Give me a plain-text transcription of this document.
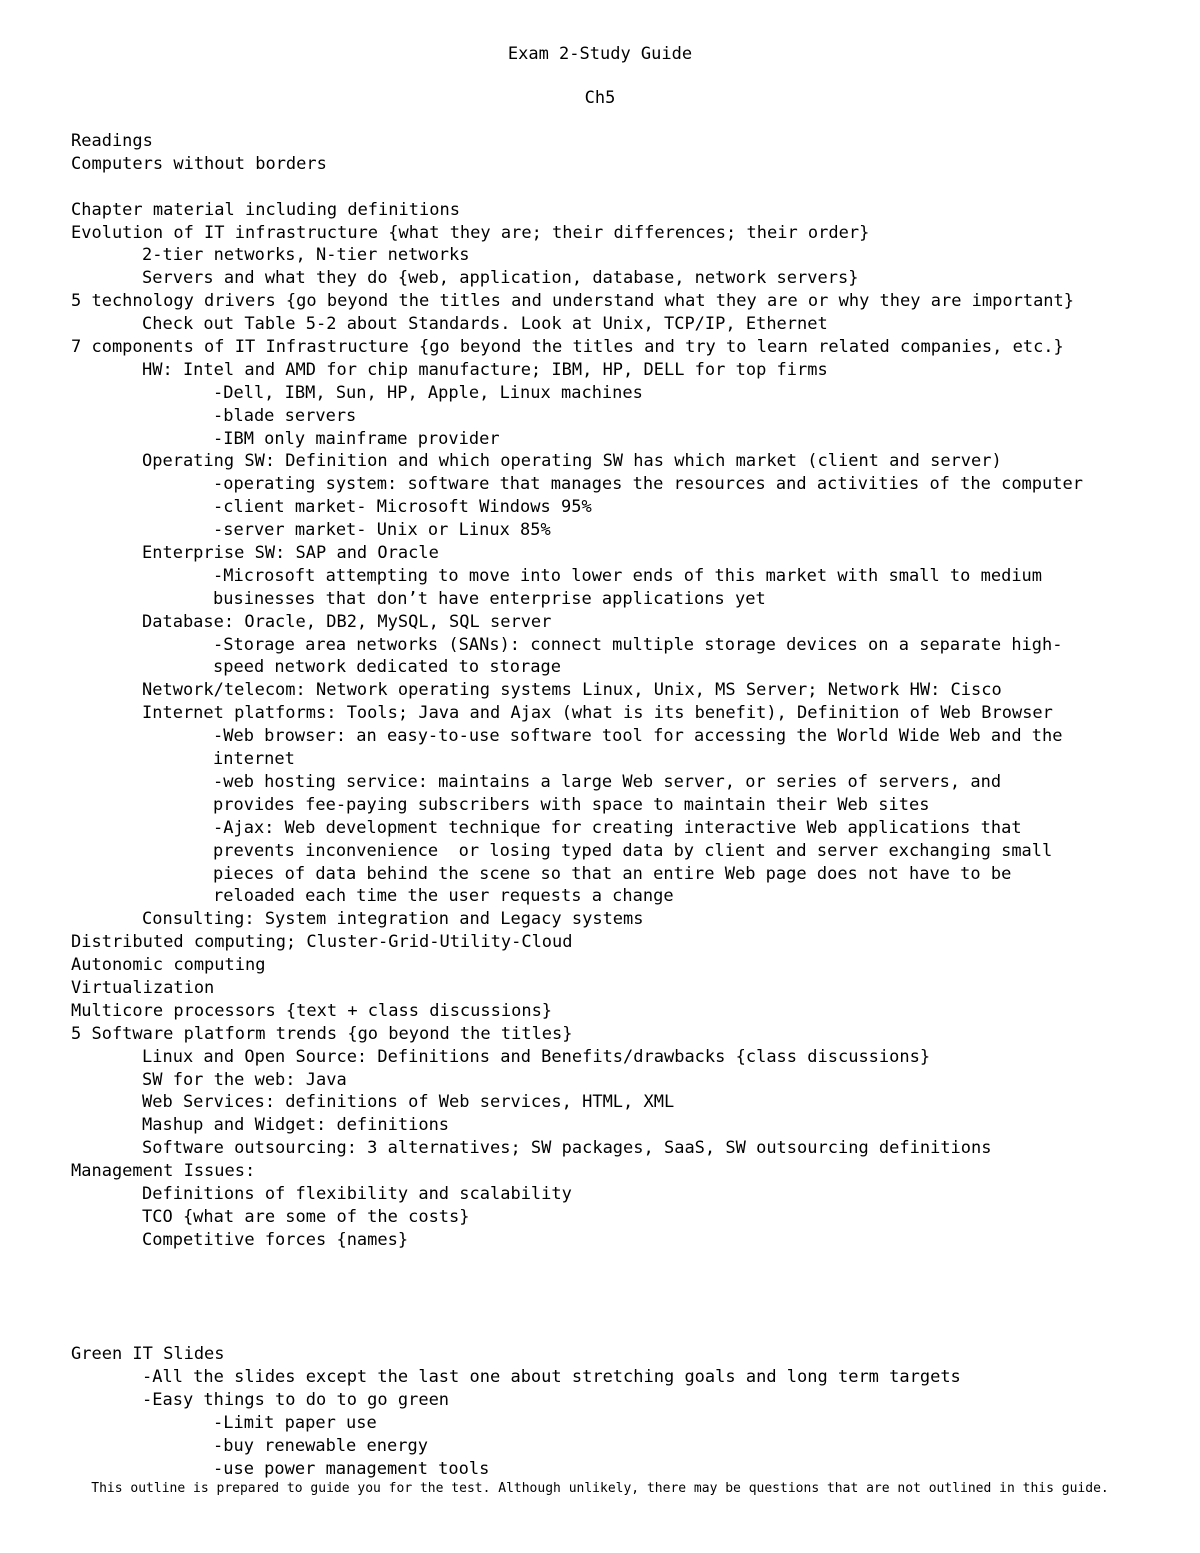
Exam 2-Study Guide
Ch5
Readings
Computers without borders
Chapter material including definitions
Evolution of IT infrastructure {what they are; their differences; their order}
2-tier networks, N-tier networks
Servers and what they do {web, application, database, network servers}
5 technology drivers {go beyond the titles and understand what they are or why they are important}
Check out Table 5-2 about Standards. Look at Unix, TCP/IP, Ethernet
7 components of IT Infrastructure {go beyond the titles and try to learn related companies, etc.}
HW: Intel and AMD for chip manufacture; IBM, HP, DELL for top firms
-Dell, IBM, Sun, HP, Apple, Linux machines
-blade servers
-IBM only mainframe provider
Operating SW: Definition and which operating SW has which market (client and server)
-operating system: software that manages the resources and activities of the computer
-client market- Microsoft Windows 95%
-server market- Unix or Linux 85%
Enterprise SW: SAP and Oracle
-Microsoft attempting to move into lower ends of this market with small to medium
businesses that don’t have enterprise applications yet
Database: Oracle, DB2, MySQL, SQL server
-Storage area networks (SANs): connect multiple storage devices on a separate high-
speed network dedicated to storage
Network/telecom: Network operating systems Linux, Unix, MS Server; Network HW: Cisco
Internet platforms: Tools; Java and Ajax (what is its benefit), Definition of Web Browser
-Web browser: an easy-to-use software tool for accessing the World Wide Web and the
internet
-web hosting service: maintains a large Web server, or series of servers, and
provides fee-paying subscribers with space to maintain their Web sites
-Ajax: Web development technique for creating interactive Web applications that
prevents inconvenience  or losing typed data by client and server exchanging small
pieces of data behind the scene so that an entire Web page does not have to be
reloaded each time the user requests a change
Consulting: System integration and Legacy systems
Distributed computing; Cluster-Grid-Utility-Cloud
Autonomic computing
Virtualization
Multicore processors {text + class discussions}
5 Software platform trends {go beyond the titles}
Linux and Open Source: Definitions and Benefits/drawbacks {class discussions}
SW for the web: Java
Web Services: definitions of Web services, HTML, XML
Mashup and Widget: definitions
Software outsourcing: 3 alternatives; SW packages, SaaS, SW outsourcing definitions
Management Issues:
Definitions of flexibility and scalability
TCO {what are some of the costs}
Competitive forces {names}
Green IT Slides
-All the slides except the last one about stretching goals and long term targets
-Easy things to do to go green
-Limit paper use
-buy renewable energy
-use power management tools
This outline is prepared to guide you for the test. Although unlikely, there may be questions that are not outlined in this guide.
